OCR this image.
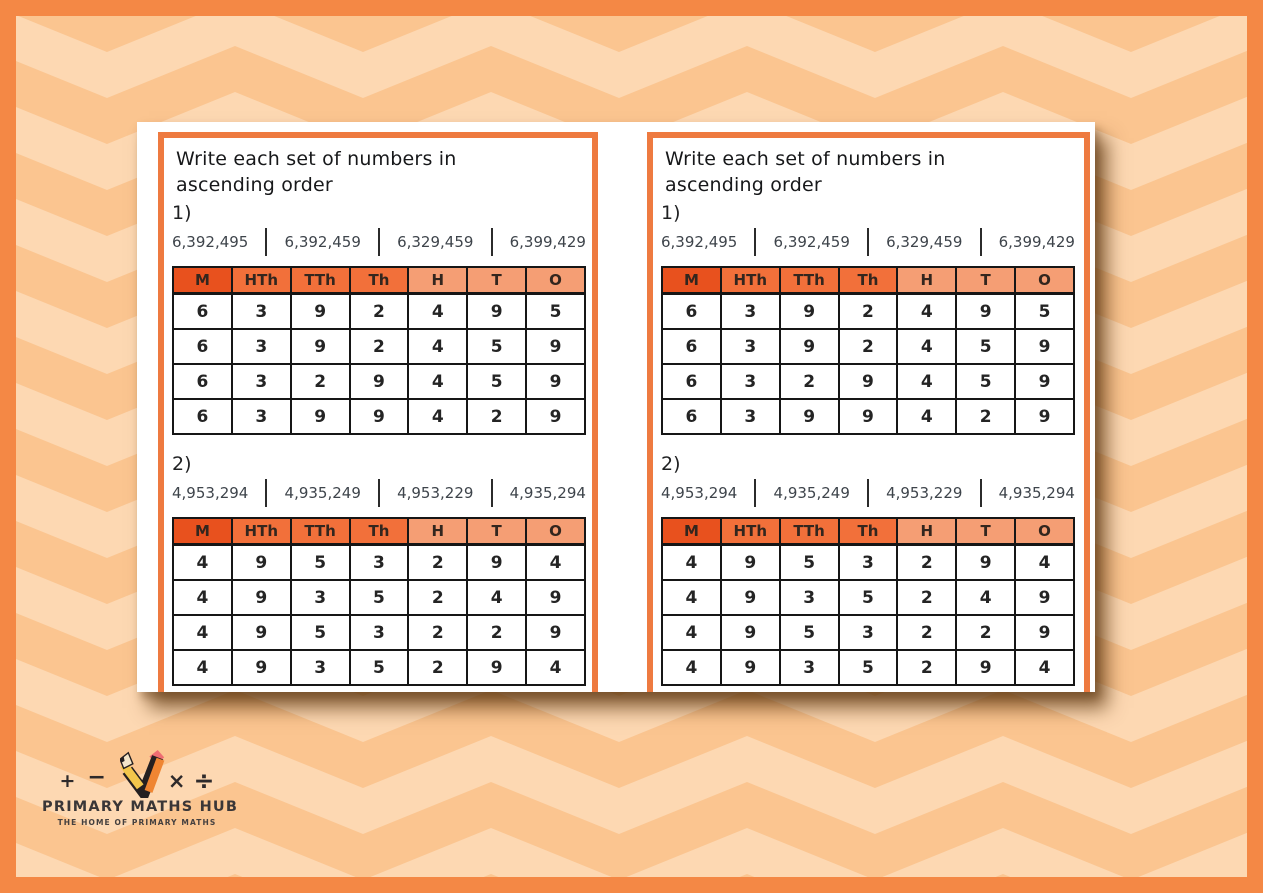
Write each set of numbers in
ascending order
1)
6,392,495 6,392,459 6,329,459 6,399,429
M	HTh	TTh	Th	H	T	O
6	3	9	2	4	9	5
6	3	9	2	4	5	9
6	3	2	9	4	5	9
6	3	9	9	4	2	9
2)
4,953,294 4,935,249 4,953,229 4,935,294
M	HTh	TTh	Th	H	T	O
4	9	5	3	2	9	4
4	9	3	5	2	4	9
4	9	5	3	2	2	9
4	9	3	5	2	9	4
Write each set of numbers in
ascending order
1)
6,392,495 6,392,459 6,329,459 6,399,429
M	HTh	TTh	Th	H	T	O
6	3	9	2	4	9	5
6	3	9	2	4	5	9
6	3	2	9	4	5	9
6	3	9	9	4	2	9
2)
4,953,294 4,935,249 4,953,229 4,935,294
M	HTh	TTh	Th	H	T	O
4	9	5	3	2	9	4
4	9	3	5	2	4	9
4	9	5	3	2	2	9
4	9	3	5	2	9	4
+ −	× ÷
PRIMARY MATHS HUB
THE HOME OF PRIMARY MATHS
